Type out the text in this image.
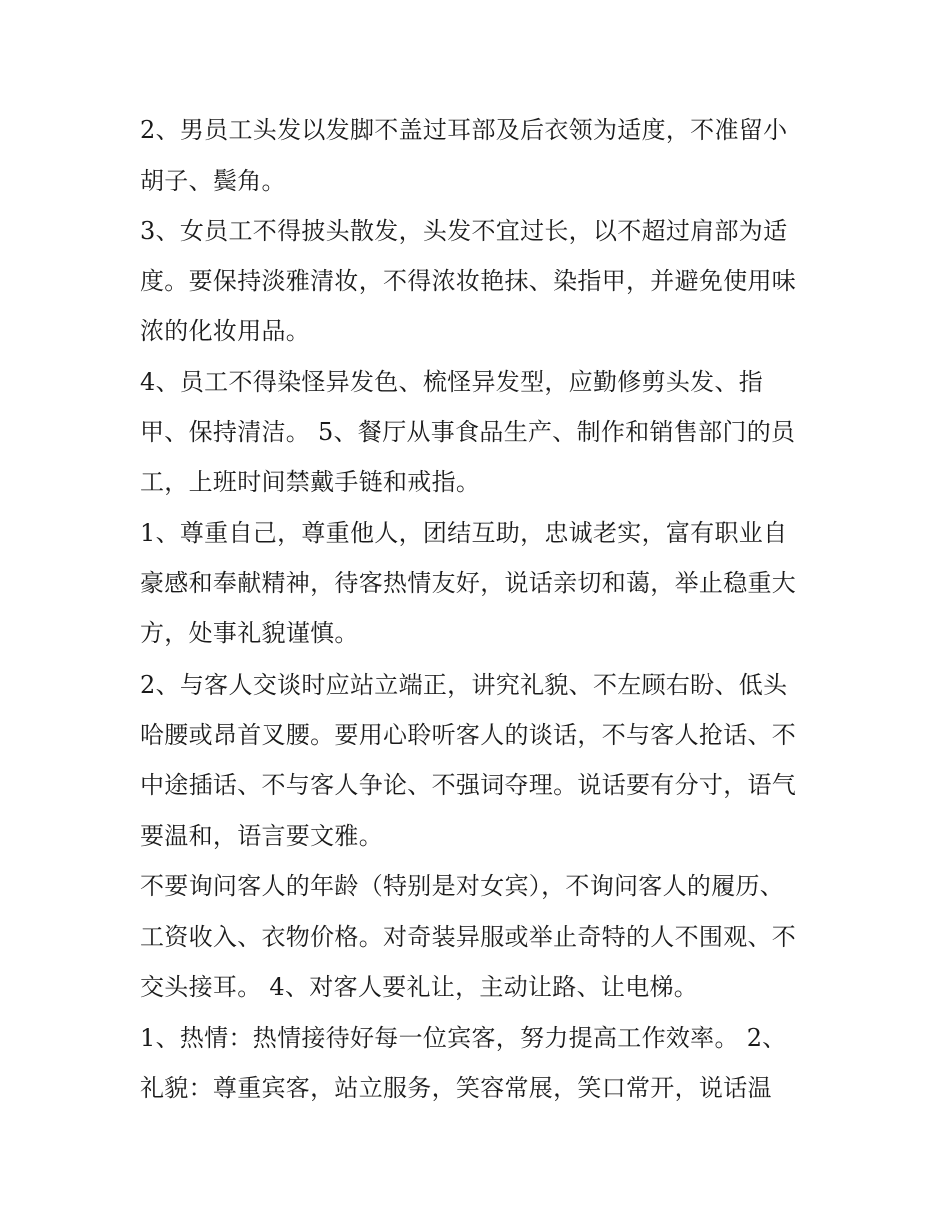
2、男员工头发以发脚不盖过耳部及后衣领为适度，不准留小
胡子、鬓角。
3、女员工不得披头散发，头发不宜过长，以不超过肩部为适
度。要保持淡雅清妆，不得浓妆艳抹、染指甲，并避免使用味
浓的化妆用品。
4、员工不得染怪异发色、梳怪异发型，应勤修剪头发、指
甲、保持清洁。 5、餐厅从事食品生产、制作和销售部门的员
工，上班时间禁戴手链和戒指。
1、尊重自己，尊重他人，团结互助，忠诚老实，富有职业自
豪感和奉献精神，待客热情友好，说话亲切和蔼，举止稳重大
方，处事礼貌谨慎。
2、与客人交谈时应站立端正，讲究礼貌、不左顾右盼、低头
哈腰或昂首叉腰。要用心聆听客人的谈话，不与客人抢话、不
中途插话、不与客人争论、不强词夺理。说话要有分寸，语气
要温和，语言要文雅。
不要询问客人的年龄（特别是对女宾），不询问客人的履历、
工资收入、衣物价格。对奇装异服或举止奇特的人不围观、不
交头接耳。 4、对客人要礼让，主动让路、让电梯。
1、热情：热情接待好每一位宾客，努力提高工作效率。 2、
礼貌：尊重宾客，站立服务，笑容常展，笑口常开，说话温
